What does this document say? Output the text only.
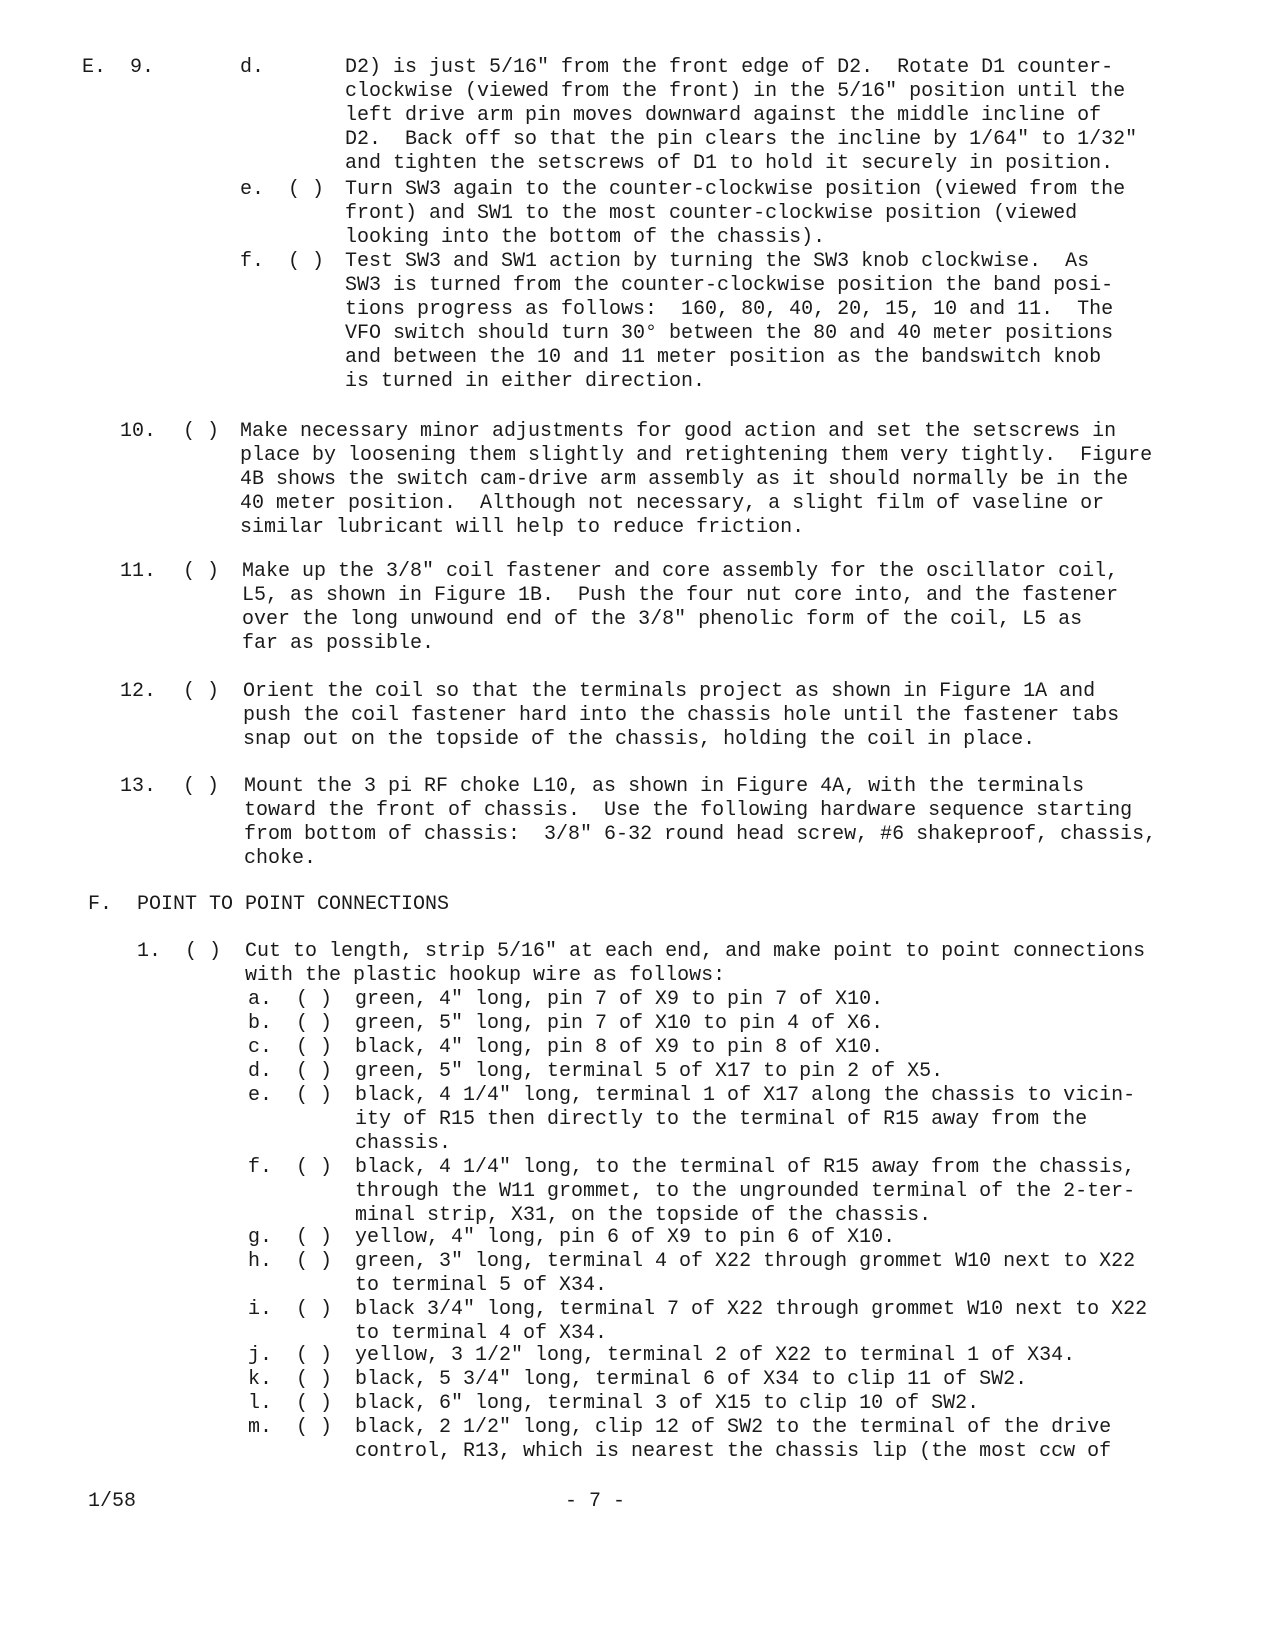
E. 9.	d.	D2) is just 5/16" from the front edge of D2.  Rotate D1 counter-
clockwise (viewed from the front) in the 5/16" position until the
left drive arm pin moves downward against the middle incline of
D2.  Back off so that the pin clears the incline by 1/64" to 1/32"
and tighten the setscrews of D1 to hold it securely in position.
e. ( ) Turn SW3 again to the counter-clockwise position (viewed from the
front) and SW1 to the most counter-clockwise position (viewed
looking into the bottom of the chassis).
f. ( ) Test SW3 and SW1 action by turning the SW3 knob clockwise.  As
SW3 is turned from the counter-clockwise position the band posi-
tions progress as follows:  160, 80, 40, 20, 15, 10 and 11.  The
VFO switch should turn 30° between the 80 and 40 meter positions
and between the 10 and 11 meter position as the bandswitch knob
is turned in either direction.
10. ( ) Make necessary minor adjustments for good action and set the setscrews in
place by loosening them slightly and retightening them very tightly.  Figure
4B shows the switch cam-drive arm assembly as it should normally be in the
40 meter position.  Although not necessary, a slight film of vaseline or
similar lubricant will help to reduce friction.
11. ( ) Make up the 3/8" coil fastener and core assembly for the oscillator coil,
L5, as shown in Figure 1B.  Push the four nut core into, and the fastener
over the long unwound end of the 3/8" phenolic form of the coil, L5 as
far as possible.
12. ( ) Orient the coil so that the terminals project as shown in Figure 1A and
push the coil fastener hard into the chassis hole until the fastener tabs
snap out on the topside of the chassis, holding the coil in place.
13. ( ) Mount the 3 pi RF choke L10, as shown in Figure 4A, with the terminals
toward the front of chassis.  Use the following hardware sequence starting
from bottom of chassis:  3/8" 6-32 round head screw, #6 shakeproof, chassis,
choke.
F. POINT TO POINT CONNECTIONS
1. ( ) Cut to length, strip 5/16" at each end, and make point to point connections
with the plastic hookup wire as follows:
a. ( ) green, 4" long, pin 7 of X9 to pin 7 of X10.
b. ( ) green, 5" long, pin 7 of X10 to pin 4 of X6.
c. ( ) black, 4" long, pin 8 of X9 to pin 8 of X10.
d. ( ) green, 5" long, terminal 5 of X17 to pin 2 of X5.
e. ( ) black, 4 1/4" long, terminal 1 of X17 along the chassis to vicin-
ity of R15 then directly to the terminal of R15 away from the
chassis.
f. ( ) black, 4 1/4" long, to the terminal of R15 away from the chassis,
through the W11 grommet, to the ungrounded terminal of the 2-ter-
minal strip, X31, on the topside of the chassis.
g. ( ) yellow, 4" long, pin 6 of X9 to pin 6 of X10.
h. ( ) green, 3" long, terminal 4 of X22 through grommet W10 next to X22
to terminal 5 of X34.
i. ( ) black 3/4" long, terminal 7 of X22 through grommet W10 next to X22
to terminal 4 of X34.
j. ( ) yellow, 3 1/2" long, terminal 2 of X22 to terminal 1 of X34.
k. ( ) black, 5 3/4" long, terminal 6 of X34 to clip 11 of SW2.
l. ( ) black, 6" long, terminal 3 of X15 to clip 10 of SW2.
m. ( ) black, 2 1/2" long, clip 12 of SW2 to the terminal of the drive
control, R13, which is nearest the chassis lip (the most ccw of
1/58	- 7 -
